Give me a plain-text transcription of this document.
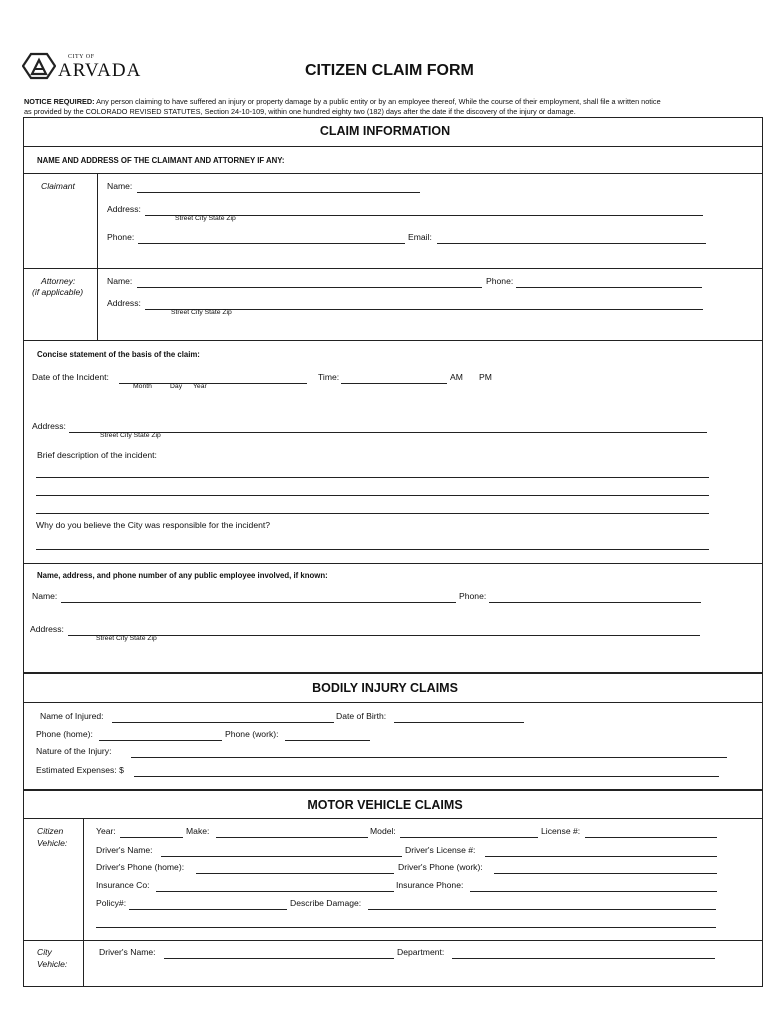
CITY OF
ARVADA	CITIZEN CLAIM FORM
NOTICE REQUIRED: Any person claiming to have suffered an injury or property damage by a public entity or by an employee thereof, While the course of their employment, shall file a written notice
as provided by the COLORADO REVISED STATUTES, Section 24-10-109, within one hundred eighty two (182) days after the date if the discovery of the injury or damage.
CLAIM INFORMATION
NAME AND ADDRESS OF THE CLAIMANT AND ATTORNEY IF ANY:
Claimant	Name:
Address:
Street City State Zip
Phone:	Email:
Attorney:
(if applicable)
Name:	Phone:
Address:
Street City State Zip
Concise statement of the basis of the claim:
Date of the Incident:
Month	Day Year
Time:	AM PM
Address:
Street City State Zip
Brief description of the incident:
Why do you believe the City was responsible for the incident?
Name, address, and phone number of any public employee involved, if known:
Name:	Phone:
Address:
Street City State Zip
BODILY INJURY CLAIMS
Name of Injured:	Date of Birth:
Phone (home):	Phone (work):
Nature of the Injury:
Estimated Expenses: $
MOTOR VEHICLE CLAIMS
Citizen
Vehicle:
Year:	Make:	Model:	License #:
Driver's Name:	Driver's License #:
Driver's Phone (home):	Driver's Phone (work):
Insurance Co:	Insurance Phone:
Policy#:	Describe Damage:
City
Vehicle:
Driver's Name:	Department:
